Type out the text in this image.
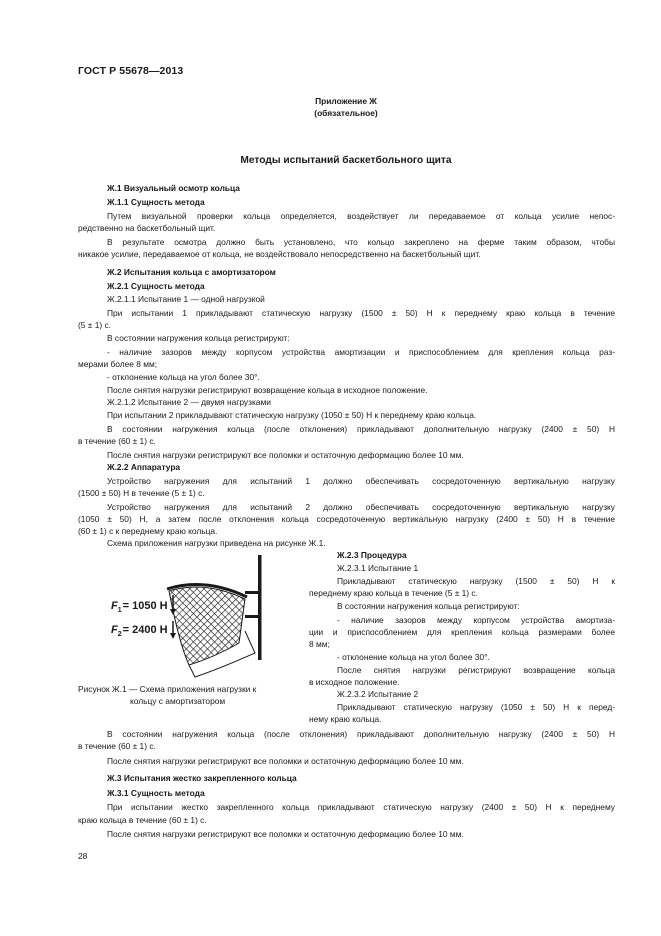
ГОСТ Р 55678—2013
Приложение Ж
(обязательное)
Методы испытаний баскетбольного щита
Ж.1 Визуальный осмотр кольца
Ж.1.1 Сущность метода
Путем визуальной проверки кольца определяется, воздействует ли передаваемое от кольца усилие непос-
редственно на баскетбольный щит.
В результате осмотра должно быть установлено, что кольцо закреплено на ферме таким образом, чтобы
никакое усилие, передаваемое от кольца, не воздействовало непосредственно на баскетбольный щит.
Ж.2 Испытания кольца с амортизатором
Ж.2.1 Сущность метода
Ж.2.1.1 Испытание 1 — одной нагрузкой
При испытании 1 прикладывают статическую нагрузку (1500 ± 50) Н к переднему краю кольца в течение
(5 ± 1) с.
В состоянии нагружения кольца регистрируют:
- наличие зазоров между корпусом устройства амортизации и приспособлением для крепления кольца раз-
мерами более 8 мм;
- отклонение кольца на угол более 30°.
После снятия нагрузки регистрируют возвращение кольца в исходное положение.
Ж.2.1.2 Испытание 2 — двумя нагрузками
При испытании 2 прикладывают статическую нагрузку (1050 ± 50) Н к переднему краю кольца.
В состоянии нагружения кольца (после отклонения) прикладывают дополнительную нагрузку (2400 ± 50) Н
в течение (60 ± 1) с.
После снятия нагрузки регистрируют все поломки и остаточную деформацию более 10 мм.
Ж.2.2 Аппаратура
Устройство нагружения для испытаний 1 должно обеспечивать сосредоточенную вертикальную нагрузку
(1500 ± 50) Н в течение (5 ± 1) с.
Устройство нагружения для испытаний 2 должно обеспечивать сосредоточенную вертикальную нагрузку
(1050 ± 50) Н, а затем после отклонения кольца сосредоточенную вертикальную нагрузку (2400 ± 50) Н в течение
(60 ± 1) с к переднему краю кольца.
Схема приложения нагрузки приведена на рисунке Ж.1.
$F_1= 1050$ Н
$F_2= 2400$ Н
Рисунок Ж.1 — Схема приложения нагрузки к
кольцу с амортизатором
Ж.2.3 Процедура
Ж.2.3.1 Испытание 1
Прикладывают статическую нагрузку (1500 ± 50) Н к
переднему краю кольца в течение (5 ± 1) с.
В состоянии нагружения кольца регистрируют:
- наличие зазоров между корпусом устройства амортиза-
ции и приспособлением для крепления кольца размерами более
8 мм;
- отклонение кольца на угол более 30°.
После снятия нагрузки регистрируют возвращение кольца
в исходное положение.
Ж.2.3.2 Испытание 2
Прикладывают статическую нагрузку (1050 ± 50) Н к перед-
нему краю кольца.
В состоянии нагружения кольца (после отклонения) прикладывают дополнительную нагрузку (2400 ± 50) Н
в течение (60 ± 1) с.
После снятия нагрузки регистрируют все поломки и остаточную деформацию более 10 мм.
Ж.3 Испытания жестко закрепленного кольца
Ж.3.1 Сущность метода
При испытании жестко закрепленного кольца прикладывают статическую нагрузку (2400 ± 50) Н к переднему
краю кольца в течение (60 ± 1) с.
После снятия нагрузки регистрируют все поломки и остаточную деформацию более 10 мм.
28
